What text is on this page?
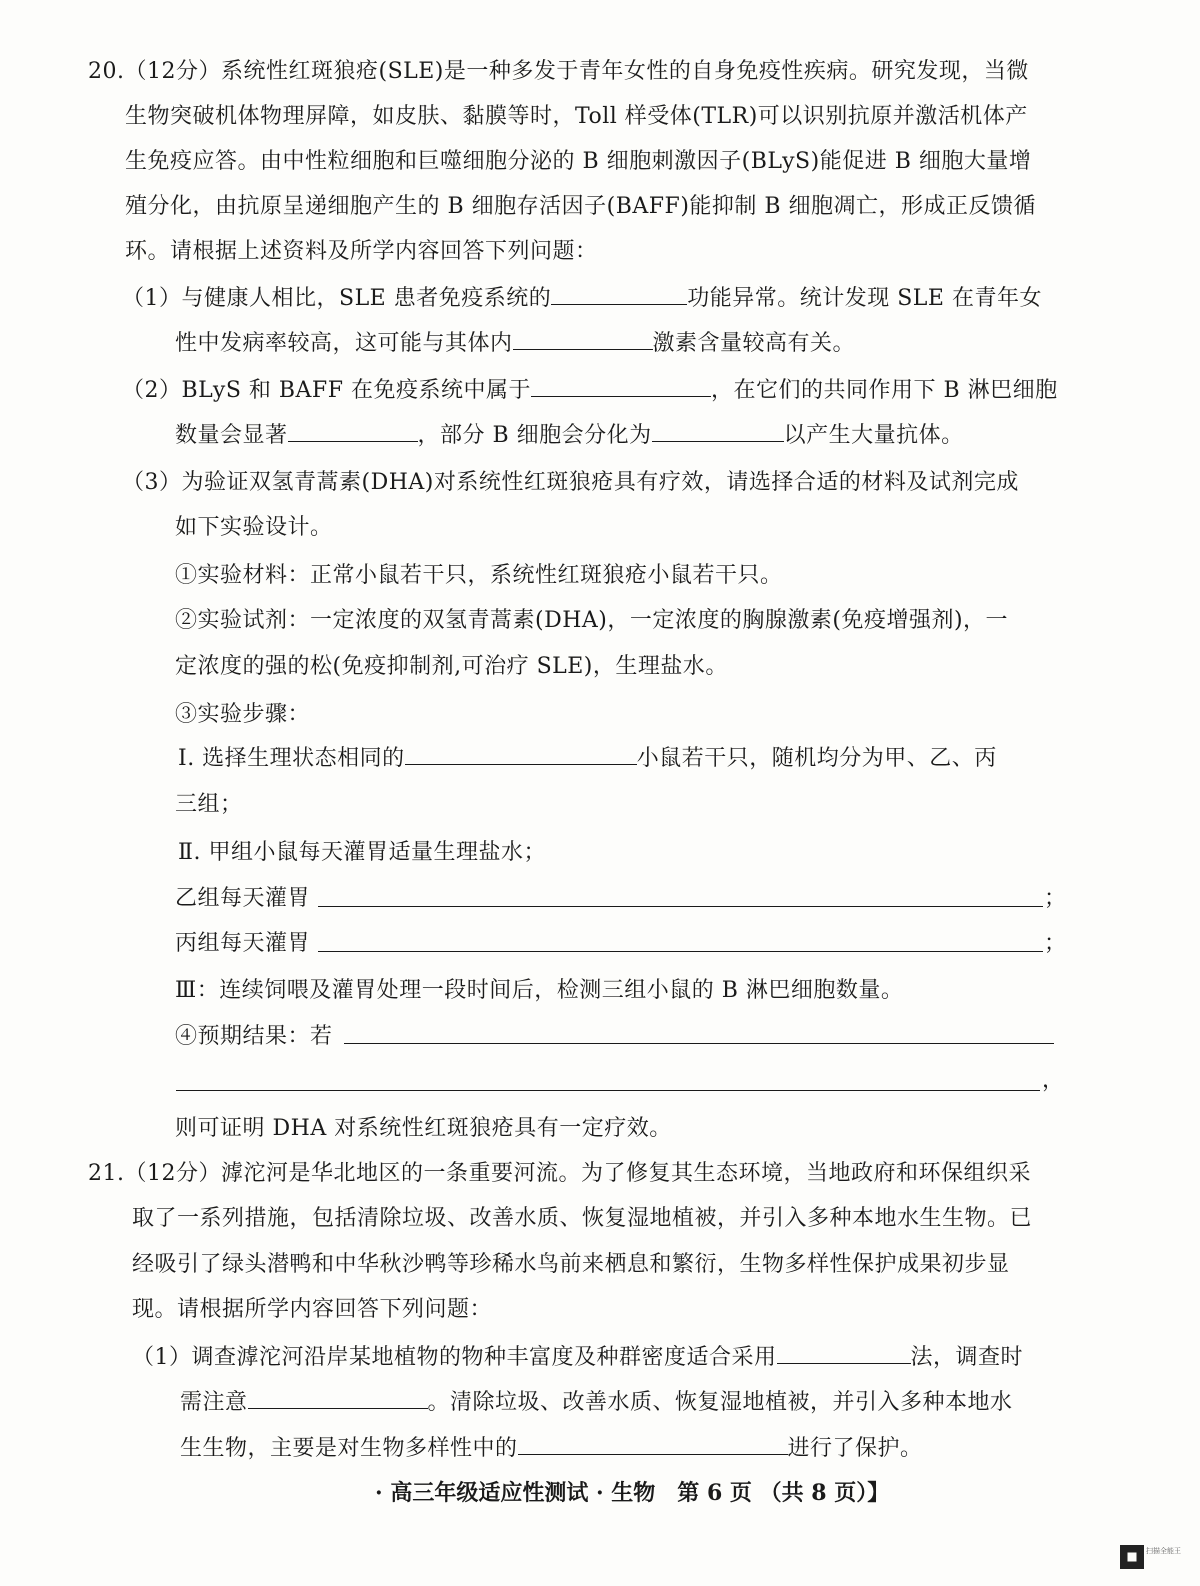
20.（12分）系统性红斑狼疮(SLE)是一种多发于青年女性的自身免疫性疾病。研究发现，当微
生物突破机体物理屏障，如皮肤、黏膜等时，Toll 样受体(TLR)可以识别抗原并激活机体产
生免疫应答。由中性粒细胞和巨噬细胞分泌的 B 细胞刺激因子(BLyS)能促进 B 细胞大量增
殖分化，由抗原呈递细胞产生的 B 细胞存活因子(BAFF)能抑制 B 细胞凋亡，形成正反馈循
环。请根据上述资料及所学内容回答下列问题：
（1）与健康人相比，SLE 患者免疫系统的	功能异常。统计发现 SLE 在青年女
性中发病率较高，这可能与其体内	激素含量较高有关。
（2）BLyS 和 BAFF 在免疫系统中属于	，在它们的共同作用下 B 淋巴细胞
数量会显著	，部分 B 细胞会分化为	以产生大量抗体。
（3）为验证双氢青蒿素(DHA)对系统性红斑狼疮具有疗效，请选择合适的材料及试剂完成
如下实验设计。
①实验材料：正常小鼠若干只，系统性红斑狼疮小鼠若干只。
②实验试剂：一定浓度的双氢青蒿素(DHA)，一定浓度的胸腺激素(免疫增强剂)，一
定浓度的强的松(免疫抑制剂,可治疗 SLE)，生理盐水。
③实验步骤：
Ⅰ. 选择生理状态相同的	小鼠若干只，随机均分为甲、乙、丙
三组；
Ⅱ. 甲组小鼠每天灌胃适量生理盐水；
乙组每天灌胃	；
丙组每天灌胃	；
Ⅲ：连续饲喂及灌胃处理一段时间后，检测三组小鼠的 B 淋巴细胞数量。
④预期结果：若
，
则可证明 DHA 对系统性红斑狼疮具有一定疗效。
21.（12分）滹沱河是华北地区的一条重要河流。为了修复其生态环境，当地政府和环保组织采
取了一系列措施，包括清除垃圾、改善水质、恢复湿地植被，并引入多种本地水生生物。已
经吸引了绿头潜鸭和中华秋沙鸭等珍稀水鸟前来栖息和繁衍，生物多样性保护成果初步显
现。请根据所学内容回答下列问题：
（1）调查滹沱河沿岸某地植物的物种丰富度及种群密度适合采用	法，调查时
需注意	。清除垃圾、改善水质、恢复湿地植被，并引入多种本地水
生生物，主要是对生物多样性中的	进行了保护。
· 高三年级适应性测试 · 生物　第 6 页 （共 8 页）】
扫描全能王
